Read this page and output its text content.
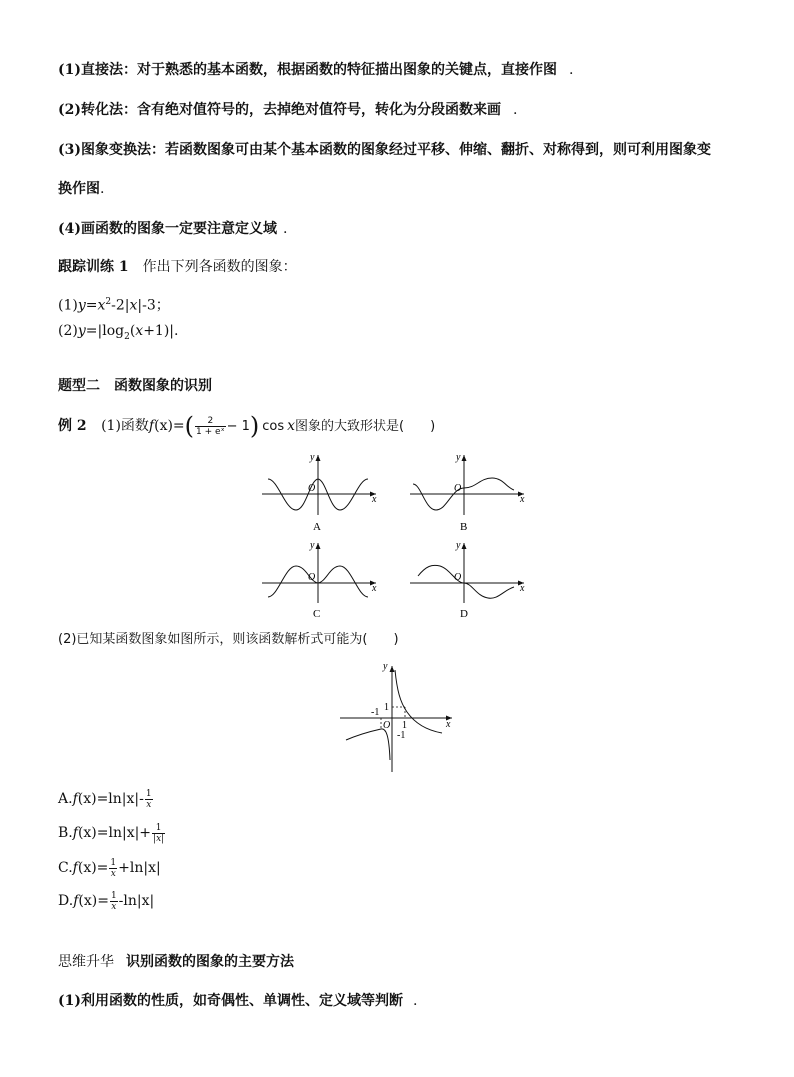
(1)直接法：对于熟悉的基本函数，根据函数的特征描出图象的关键点，直接作图 .
(2)转化法：含有绝对值符号的，去掉绝对值符号，转化为分段函数来画 .
(3)图象变换法：若函数图象可由某个基本函数的图象经过平移、伸缩、翻折、对称得到，则可利用图象变
换作图.
(4)画函数的图象一定要注意定义域 .
跟踪训练 1 作出下列各函数的图象：
$(1)y=x^2-2|x|-3$；
$(2)y=|\log_2(x+1)|$.
题型二　函数图象的识别
例 2 (1)函数$f(x)=( \frac{2}{\text{1 + eˣ}} - 1)$ cos x图象的大致形状是(　　)
y
x
O
A
y
x
O
B
y
x
O
C
y
x
O
D
y
x
O
1
1
-1
-1
(2)已知某函数图象如图所示，则该函数解析式可能为(　　)
$A.f(x)=\ln|x|- \frac{1}{x}$
$B.f(x)=\ln|x|+ \frac{1}{|x|}$
$C.f(x)= \frac{1}{x} +\ln|x|$
$D.f(x)= \frac{1}{x} -\ln|x|$
思维升华 识别函数的图象的主要方法
(1)利用函数的性质，如奇偶性、单调性、定义域等判断 .
